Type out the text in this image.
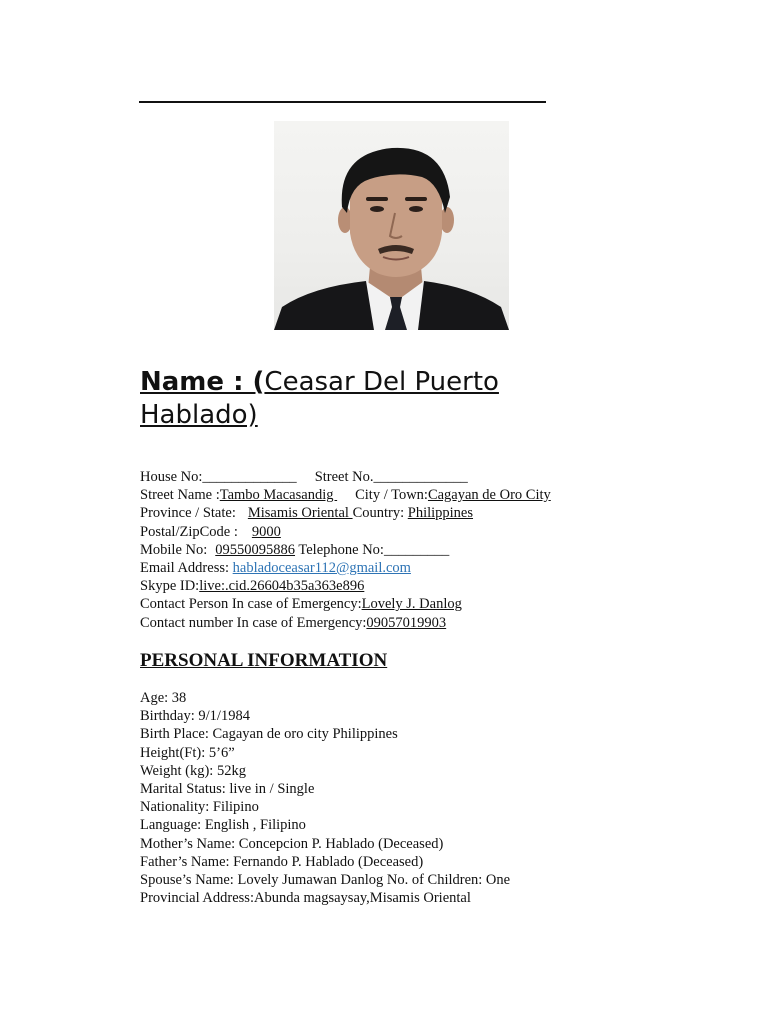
Name : (Ceasar Del Puerto Hablado)
House No:_____________ Street No._____________
Street Name :Tambo Macasandig City / Town:Cagayan de Oro City
Province / State: Misamis Oriental Country: Philippines
Postal/ZipCode : 9000
Mobile No: 09550095886 Telephone No:_________
Email Address: habladoceasar112@gmail.com
Skype ID:live:.cid.26604b35a363e896
Contact Person In case of Emergency:Lovely J. Danlog
Contact number In case of Emergency:09057019903
PERSONAL INFORMATION
Age: 38
Birthday: 9/1/1984
Birth Place: Cagayan de oro city Philippines
Height(Ft): 5’6”
Weight (kg): 52kg
Marital Status: live in / Single
Nationality: Filipino
Language: English , Filipino
Mother’s Name: Concepcion P. Hablado (Deceased)
Father’s Name: Fernando P. Hablado (Deceased)
Spouse’s Name: Lovely Jumawan Danlog No. of Children: One
Provincial Address:Abunda magsaysay,Misamis Oriental
